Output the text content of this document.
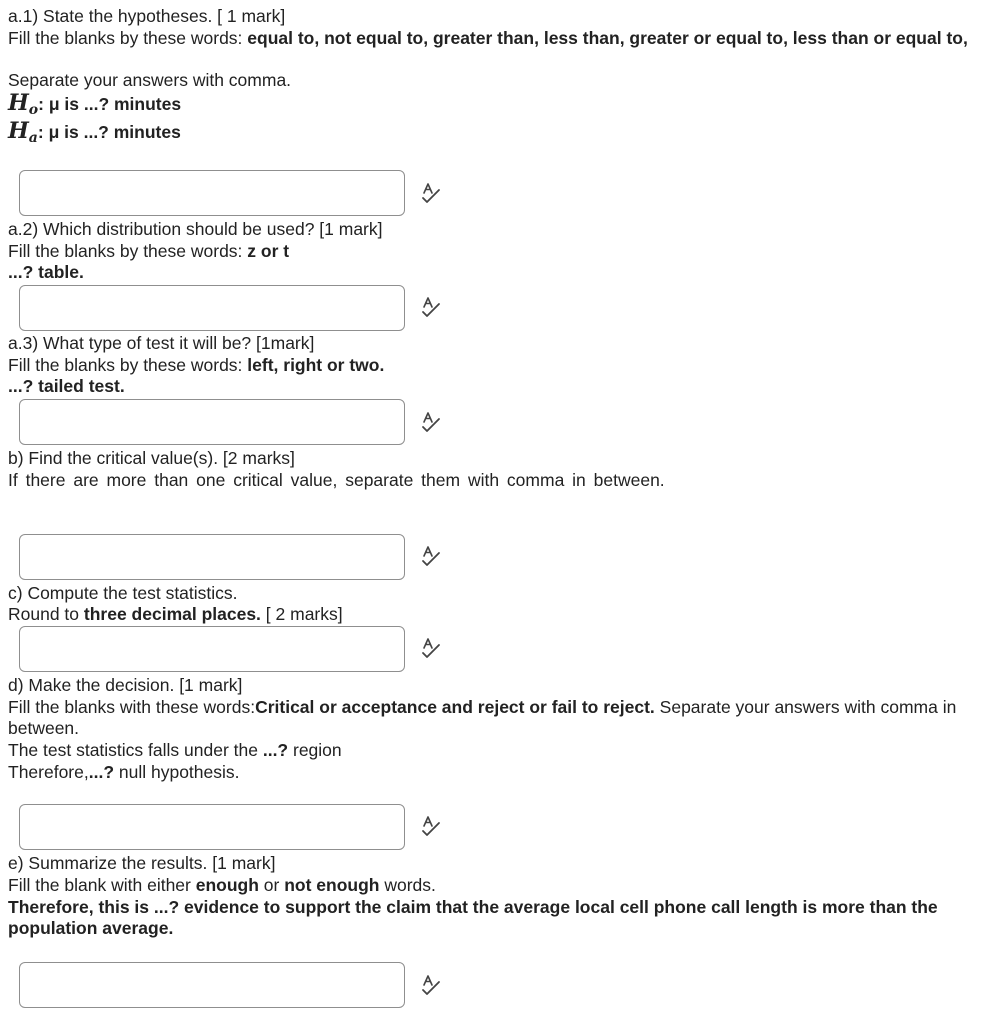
a.1) State the hypotheses. [ 1 mark]
Fill the blanks by these words: equal to, not equal to, greater than, less than, greater or equal to, less than or equal to,
Separate your answers with comma.
$H_o$: μ is ...? minutes
$H_a$: μ is ...? minutes
a.2) Which distribution should be used? [1 mark]
Fill the blanks by these words: z or t
...? table.
a.3) What type of test it will be? [1mark]
Fill the blanks by these words: left, right or two.
...? tailed test.
b) Find the critical value(s). [2 marks]
If there are more than one critical value, separate them with comma in between.
c) Compute the test statistics.
Round to three decimal places. [ 2 marks]
d) Make the decision. [1 mark]
Fill the blanks with these words:Critical or acceptance and reject or fail to reject. Separate your answers with comma in between.
The test statistics falls under the ...? region
Therefore,...? null hypothesis.
e) Summarize the results. [1 mark]
Fill the blank with either enough or not enough words.
Therefore, this is ...? evidence to support the claim that the average local cell phone call length is more than the population average.
